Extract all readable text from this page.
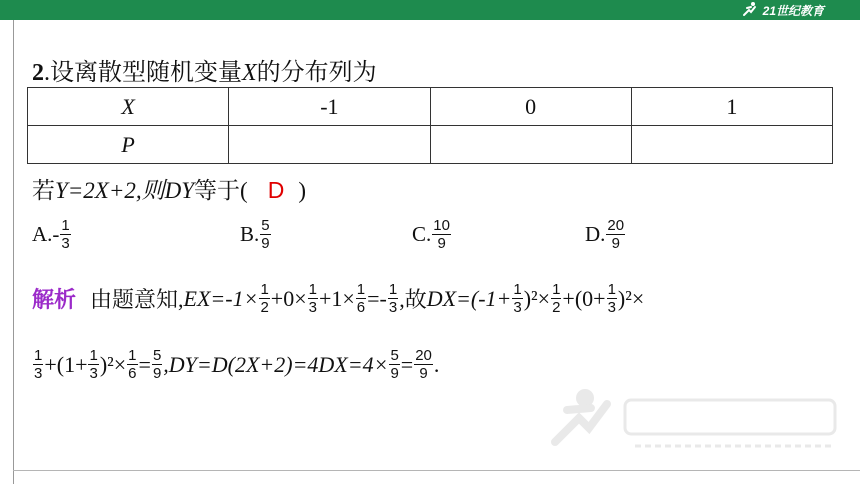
21世纪教育
2.设离散型随机变量X的分布列为
X	-1	0	1
P			
若Y=2X+2,则DY等于( D )
A. - $\frac{1}{3}$	B. $\frac{5}{9}$	C. $\frac{10}{9}$	D. $\frac{20}{9}$
解析 由题意知, $EX=-1\times \frac{1}{2} +0\times \frac{1}{3} +1\times \frac{1}{6} =- \frac{1}{3}$ ,故 $DX=(-1+ \frac{1}{3} )^2\times \frac{1}{2} +(0+ \frac{1}{3} )^2\times$
$\frac{1}{3} +(1+ \frac{1}{3} )^2\times \frac{1}{6} = \frac{5}{9} ,DY=D(2X+2)=4DX=4\times \frac{5}{9} = \frac{20}{9}$ .
